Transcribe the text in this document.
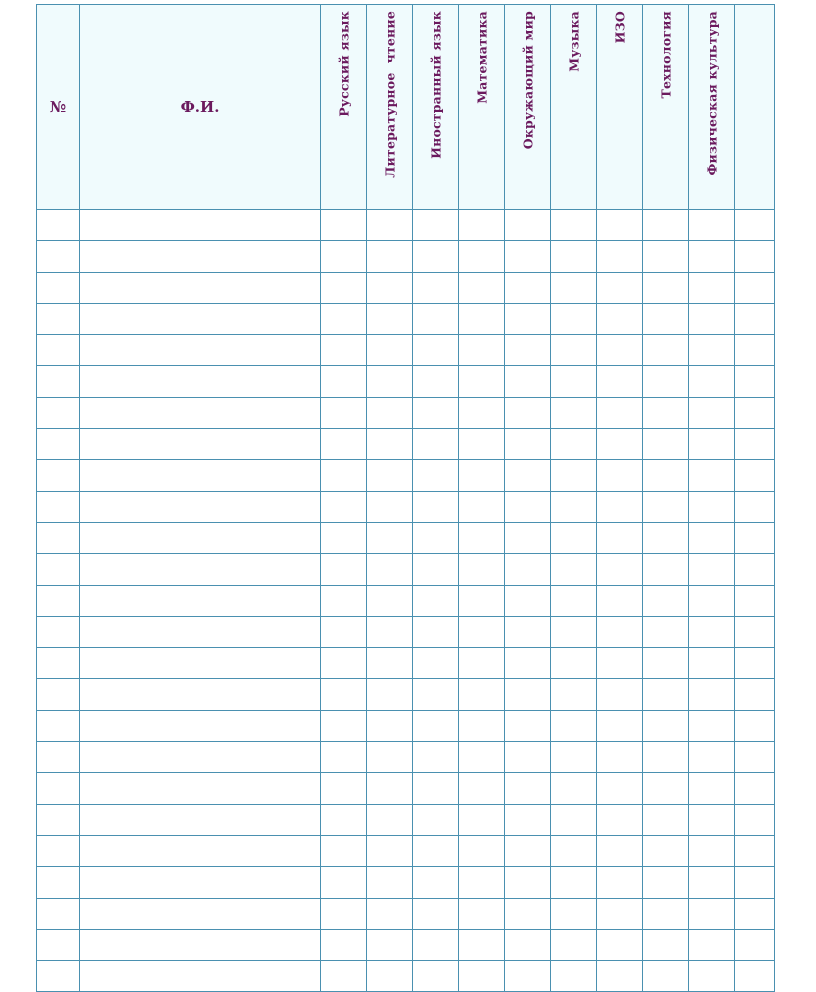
№	Ф.И.	Русский язык	Литературное  чтение	Иностранный язык	Математика	Окружающий мир	Музыка	ИЗО	Технология	Физическая культура	
